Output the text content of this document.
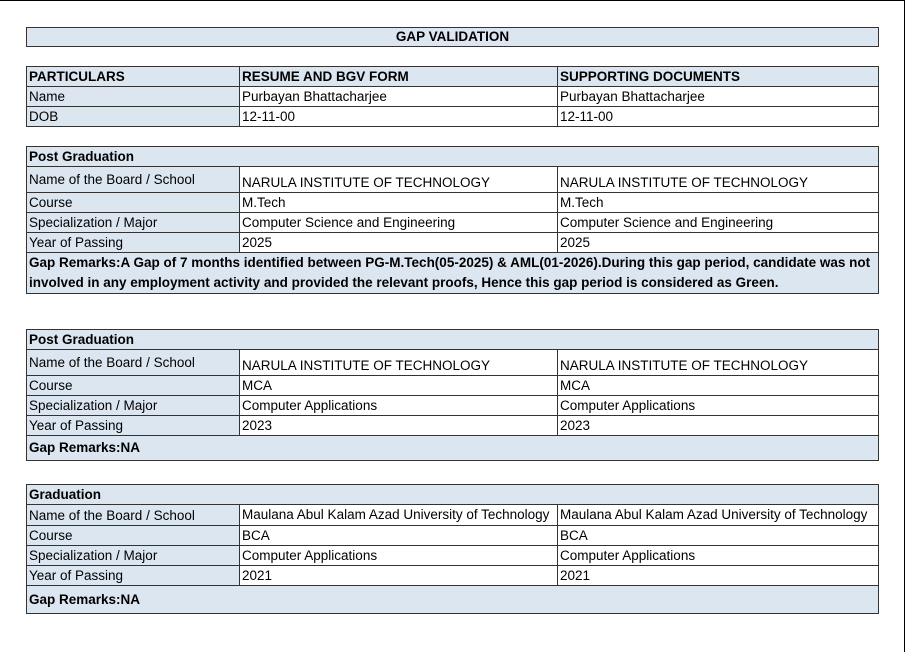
GAP VALIDATION
PARTICULARS	RESUME AND BGV FORM	SUPPORTING DOCUMENTS
Name	Purbayan Bhattacharjee	Purbayan Bhattacharjee
DOB	12-11-00	12-11-00
Post Graduation		
Name of the Board / School	NARULA INSTITUTE OF TECHNOLOGY	NARULA INSTITUTE OF TECHNOLOGY
Course	M.Tech	M.Tech
Specialization / Major	Computer Science and Engineering	Computer Science and Engineering
Year of Passing	2025	2025
Gap Remarks:A Gap of 7 months identified between PG-M.Tech(05-2025) & AML(01-2026).During this gap period, candidate was not involved in any employment activity and provided the relevant proofs, Hence this gap period is considered as Green.		
Post Graduation		
Name of the Board / School	NARULA INSTITUTE OF TECHNOLOGY	NARULA INSTITUTE OF TECHNOLOGY
Course	MCA	MCA
Specialization / Major	Computer Applications	Computer Applications
Year of Passing	2023	2023
Gap Remarks:NA		
Graduation		
Name of the Board / School	Maulana Abul Kalam Azad University of Technology	Maulana Abul Kalam Azad University of Technology
Course	BCA	BCA
Specialization / Major	Computer Applications	Computer Applications
Year of Passing	2021	2021
Gap Remarks:NA		
